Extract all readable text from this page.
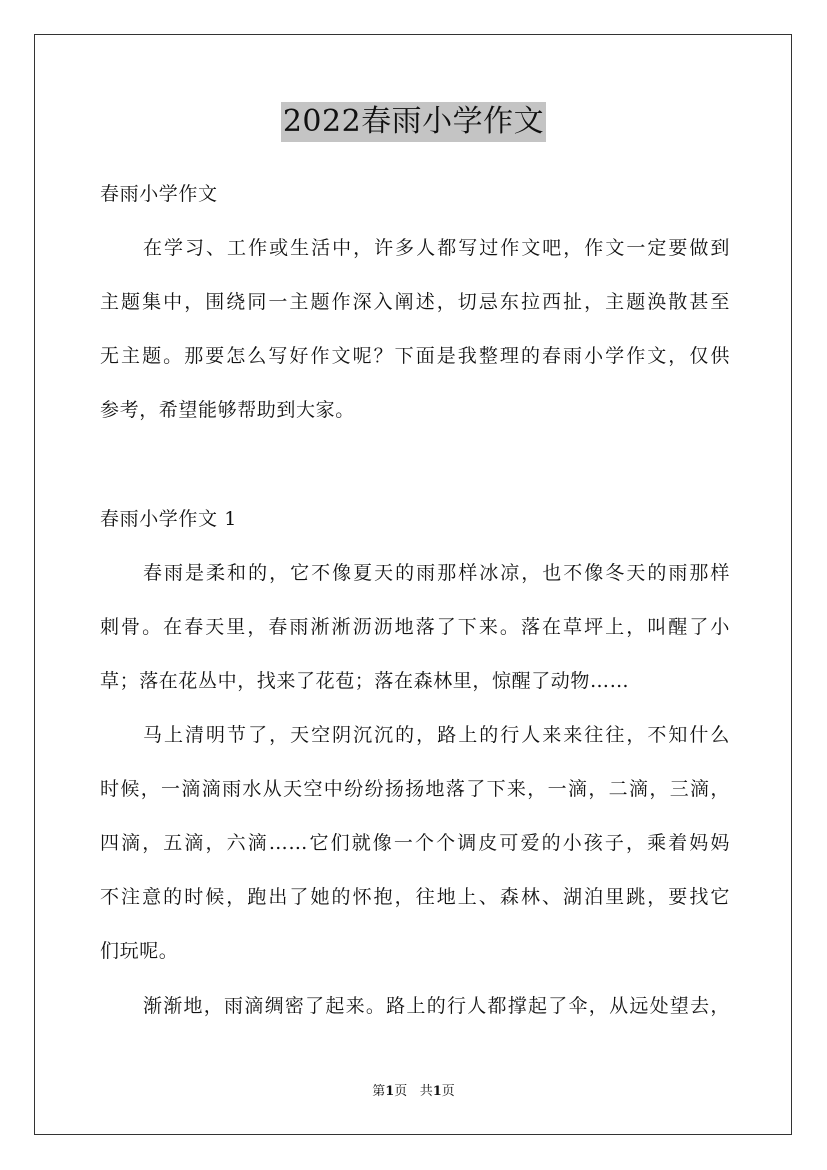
2022春雨小学作文
春雨小学作文
在学习、工作或生活中，许多人都写过作文吧，作文一定要做到
主题集中，围绕同一主题作深入阐述，切忌东拉西扯，主题涣散甚至
无主题。那要怎么写好作文呢？下面是我整理的春雨小学作文，仅供
参考，希望能够帮助到大家。
春雨小学作文 1
春雨是柔和的，它不像夏天的雨那样冰凉，也不像冬天的雨那样
刺骨。在春天里，春雨淅淅沥沥地落了下来。落在草坪上，叫醒了小
草；落在花丛中，找来了花苞；落在森林里，惊醒了动物……
马上清明节了，天空阴沉沉的，路上的行人来来往往，不知什么
时候，一滴滴雨水从天空中纷纷扬扬地落了下来，一滴，二滴，三滴，
四滴，五滴，六滴……它们就像一个个调皮可爱的小孩子，乘着妈妈
不注意的时候，跑出了她的怀抱，往地上、森林、湖泊里跳，要找它
们玩呢。
渐渐地，雨滴绸密了起来。路上的行人都撑起了伞，从远处望去，
第1页   共1页
